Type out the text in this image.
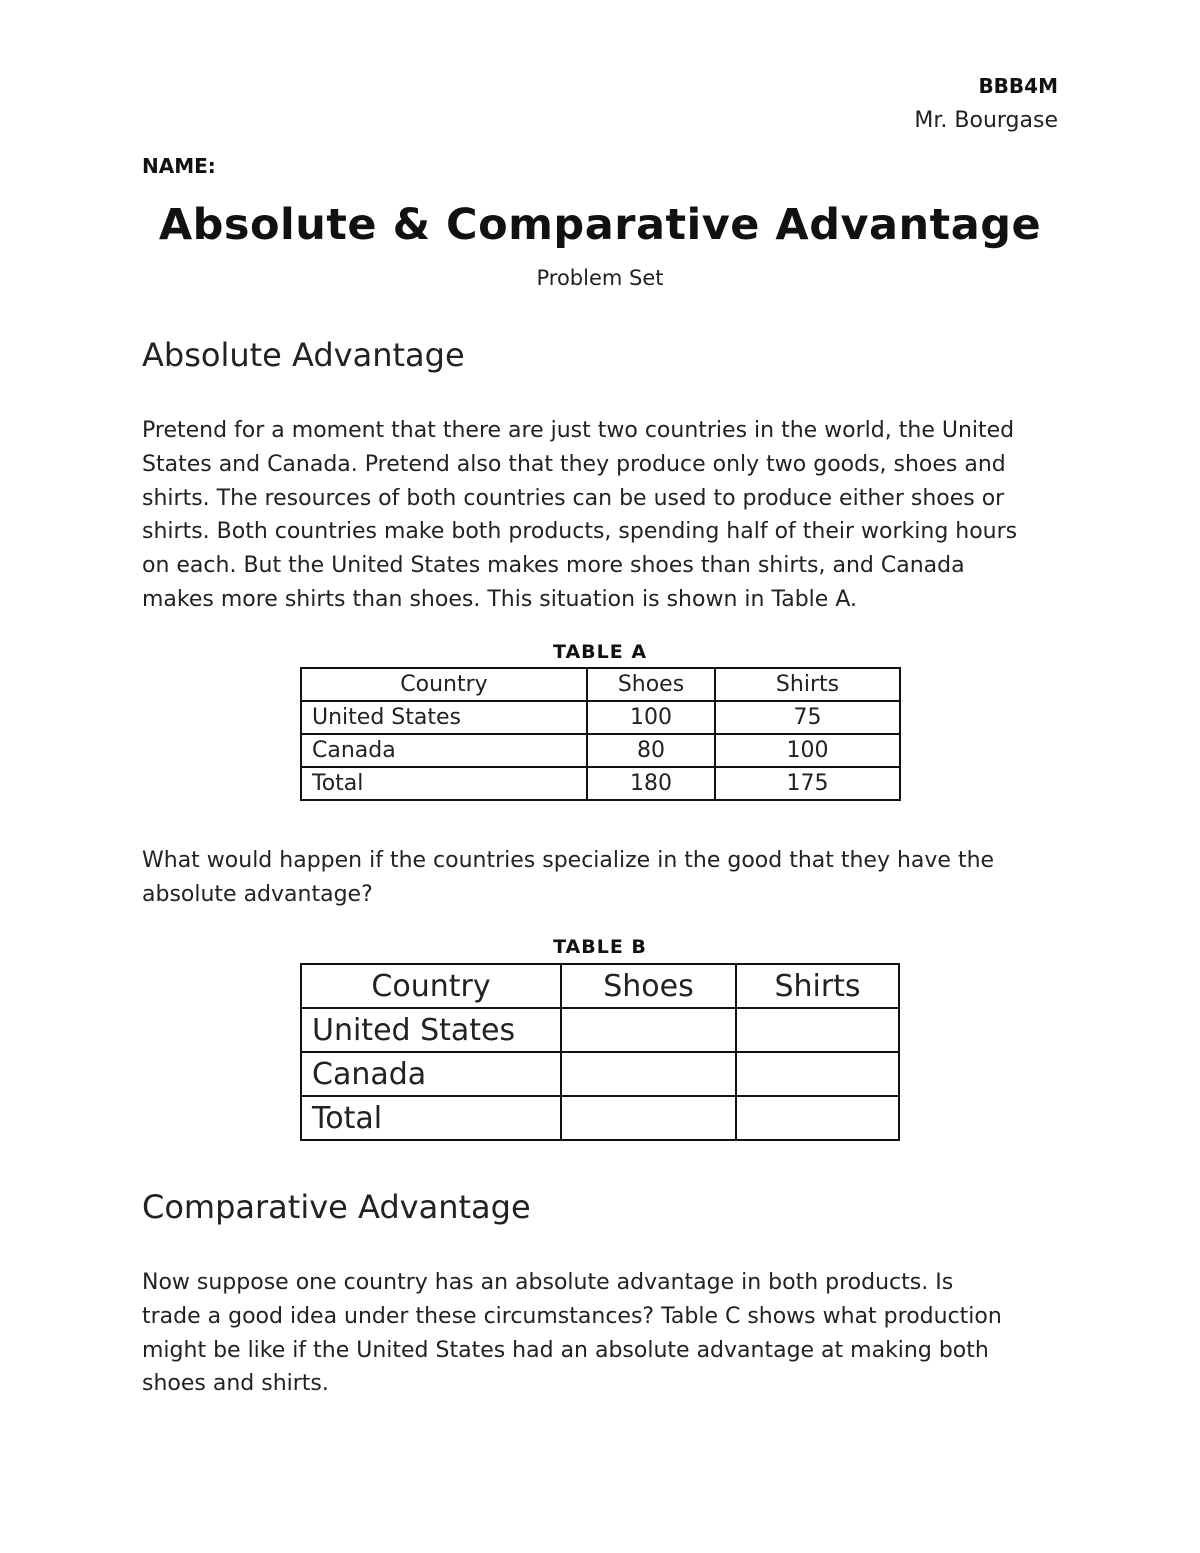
BBB4M
Mr. Bourgase
NAME:
Absolute & Comparative Advantage
Problem Set
Absolute Advantage
Pretend for a moment that there are just two countries in the world, the United
States and Canada. Pretend also that they produce only two goods, shoes and
shirts. The resources of both countries can be used to produce either shoes or
shirts. Both countries make both products, spending half of their working hours
on each. But the United States makes more shoes than shirts, and Canada
makes more shirts than shoes. This situation is shown in Table A.
TABLE A
Country	Shoes	Shirts
United States	100	75
Canada	80	100
Total	180	175
What would happen if the countries specialize in the good that they have the
absolute advantage?
TABLE B
Country	Shoes	Shirts
United States		
Canada		
Total		
Comparative Advantage
Now suppose one country has an absolute advantage in both products. Is
trade a good idea under these circumstances? Table C shows what production
might be like if the United States had an absolute advantage at making both
shoes and shirts.
